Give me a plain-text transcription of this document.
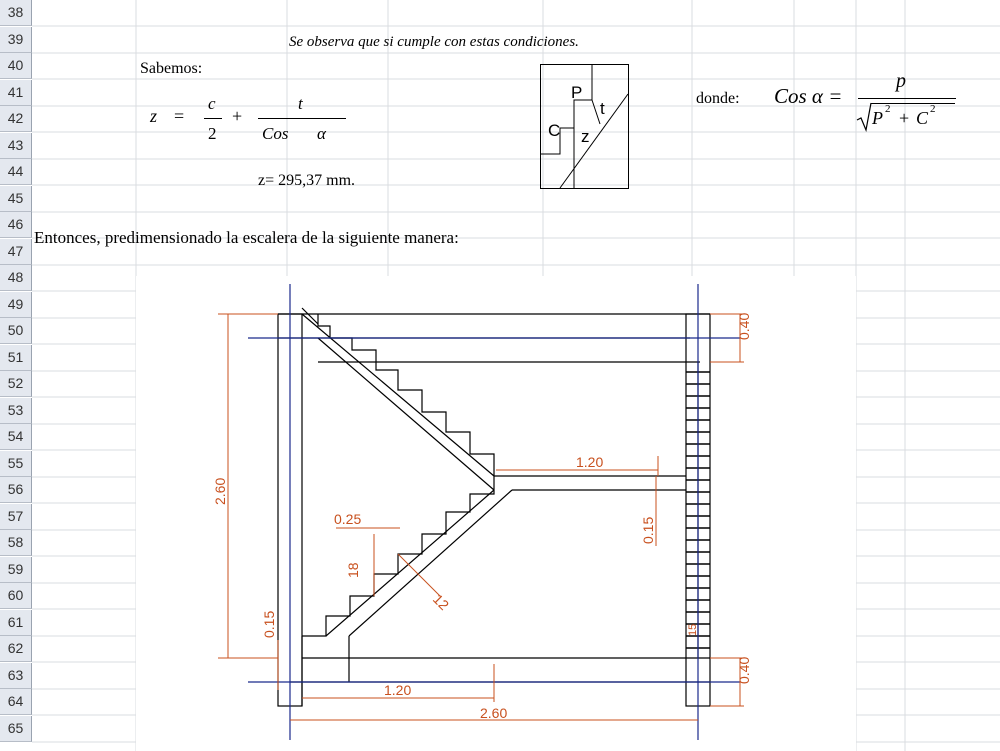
38
39
40
41
42
43
44
45
46
47
48
49
50
51
52
53
54
55
56
57
58
59
60
61
62
63
64
65
Se observa que si cumple con estas condiciones.
Sabemos:
z =
c
2
+
t
Cos α
z= 295,37 mm.
C
P
t
z
donde: Cos α =
p
P 2 + C 2
Entonces, predimensionado la escalera de la siguiente manera:
0.40
0.40
1.20
0.15
2.60
0.25
18
12
0.15
1.20
2.60
15
